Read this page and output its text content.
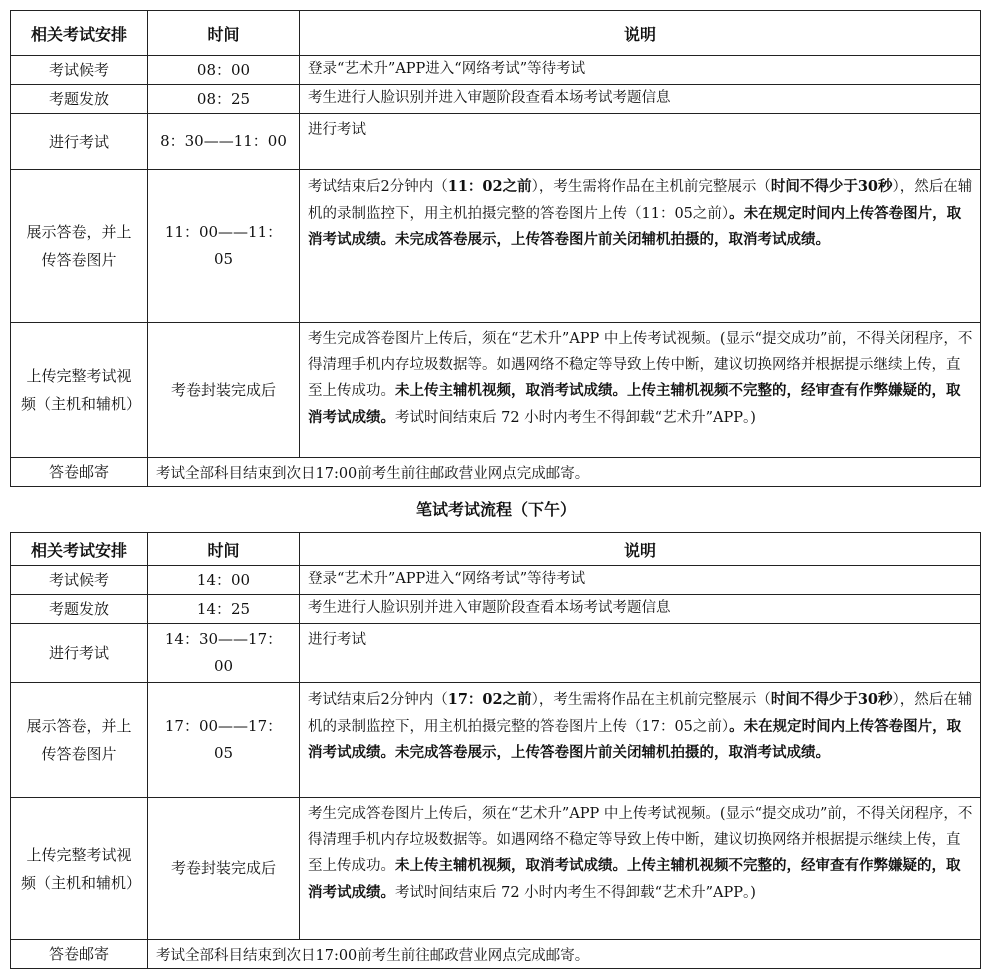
相关考试安排	时间	说明
考试候考	08：00	登录“艺术升”APP进入“网络考试”等待考试
考题发放	08：25	考生进行人脸识别并进入审题阶段查看本场考试考题信息
进行考试	8：30——11：00	进行考试
展示答卷，并上传答卷图片	11：00——11：05	考试结束后2分钟内（11：02之前），考生需将作品在主机前完整展示（时间不得少于30秒），然后在辅机的录制监控下，用主机拍摄完整的答卷图片上传（11：05之前）。未在规定时间内上传答卷图片，取消考试成绩。未完成答卷展示，上传答卷图片前关闭辅机拍摄的，取消考试成绩。
上传完整考试视频（主机和辅机）	考卷封装完成后	考生完成答卷图片上传后，须在“艺术升”APP 中上传考试视频。(显示“提交成功”前，不得关闭程序，不得清理手机内存垃圾数据等。如遇网络不稳定等导致上传中断，建议切换网络并根据提示继续上传，直至上传成功。未上传主辅机视频，取消考试成绩。上传主辅机视频不完整的，经审查有作弊嫌疑的，取消考试成绩。考试时间结束后 72 小时内考生不得卸载“艺术升”APP。)
答卷邮寄	考试全部科目结束到次日17:00前考生前往邮政营业网点完成邮寄。	
笔试考试流程（下午）
相关考试安排	时间	说明
考试候考	14：00	登录“艺术升”APP进入“网络考试”等待考试
考题发放	14：25	考生进行人脸识别并进入审题阶段查看本场考试考题信息
进行考试	14：30——17：00	进行考试
展示答卷，并上传答卷图片	17：00——17：05	考试结束后2分钟内（17：02之前），考生需将作品在主机前完整展示（时间不得少于30秒），然后在辅机的录制监控下，用主机拍摄完整的答卷图片上传（17：05之前）。未在规定时间内上传答卷图片，取消考试成绩。未完成答卷展示，上传答卷图片前关闭辅机拍摄的，取消考试成绩。
上传完整考试视频（主机和辅机）	考卷封装完成后	考生完成答卷图片上传后，须在“艺术升”APP 中上传考试视频。(显示“提交成功”前，不得关闭程序，不得清理手机内存垃圾数据等。如遇网络不稳定等导致上传中断，建议切换网络并根据提示继续上传，直至上传成功。未上传主辅机视频，取消考试成绩。上传主辅机视频不完整的，经审查有作弊嫌疑的，取消考试成绩。考试时间结束后 72 小时内考生不得卸载“艺术升”APP。)
答卷邮寄	考试全部科目结束到次日17:00前考生前往邮政营业网点完成邮寄。	
